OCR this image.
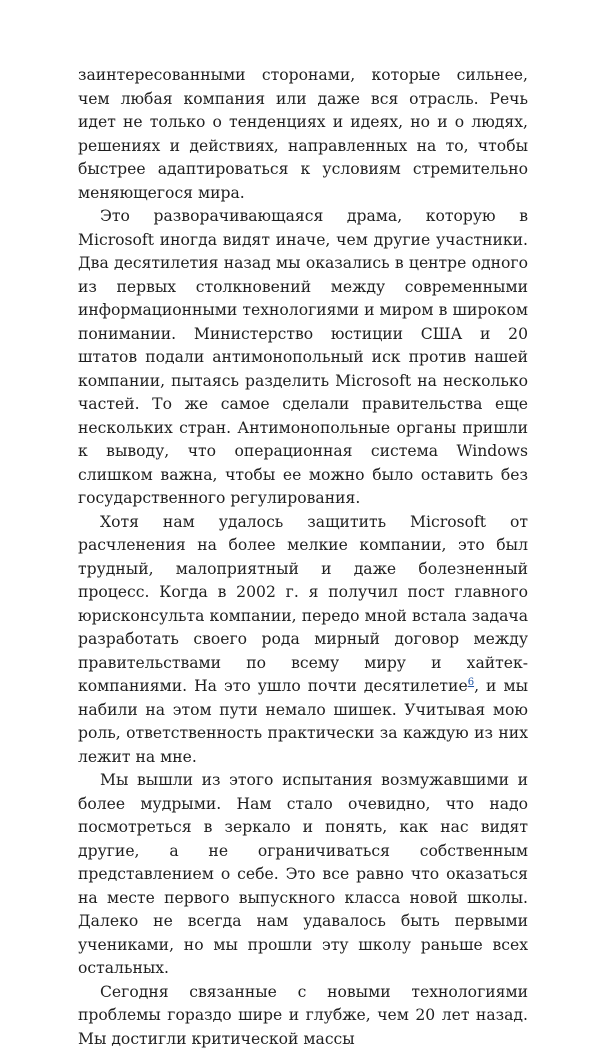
заинтересованными сторонами, которые сильнее, чем любая компания или даже вся отрасль. Речь идет не только о тенденциях и идеях, но и о людях, решениях и действиях, направленных на то, чтобы быстрее адаптироваться к условиям стремительно меняющегося мира.

Это разворачивающаяся драма, которую в Microsoft иногда видят иначе, чем другие участники. Два десятилетия назад мы оказались в центре одного из первых столкновений между современными информационными технологиями и миром в широком понимании. Министерство юстиции США и 20 штатов подали антимонопольный иск против нашей компании, пытаясь разделить Microsoft на несколько частей. То же самое сделали правительства еще нескольких стран. Антимонопольные органы пришли к выводу, что операционная система Windows слишком важна, чтобы ее можно было оставить без государственного регулирования.

Хотя нам удалось защитить Microsoft от расчленения на более мелкие компании, это был трудный, малоприятный и даже болезненный процесс. Когда в 2002 г. я получил пост главного юрисконсульта компании, передо мной встала задача разработать своего рода мирный договор между правительствами по всему миру и хайтек-компаниями. На это ушло почти десятилетие$^6$, и мы набили на этом пути немало шишек. Учитывая мою роль, ответственность практически за каждую из них лежит на мне.

Мы вышли из этого испытания возмужавшими и более мудрыми. Нам стало очевидно, что надо посмотреться в зеркало и понять, как нас видят другие, а не ограничиваться собственным представлением о себе. Это все равно что оказаться на месте первого выпускного класса новой школы. Далеко не всегда нам удавалось быть первыми учениками, но мы прошли эту школу раньше всех остальных.

Сегодня связанные с новыми технологиями проблемы гораздо шире и глубже, чем 20 лет назад. Мы достигли критической массы
